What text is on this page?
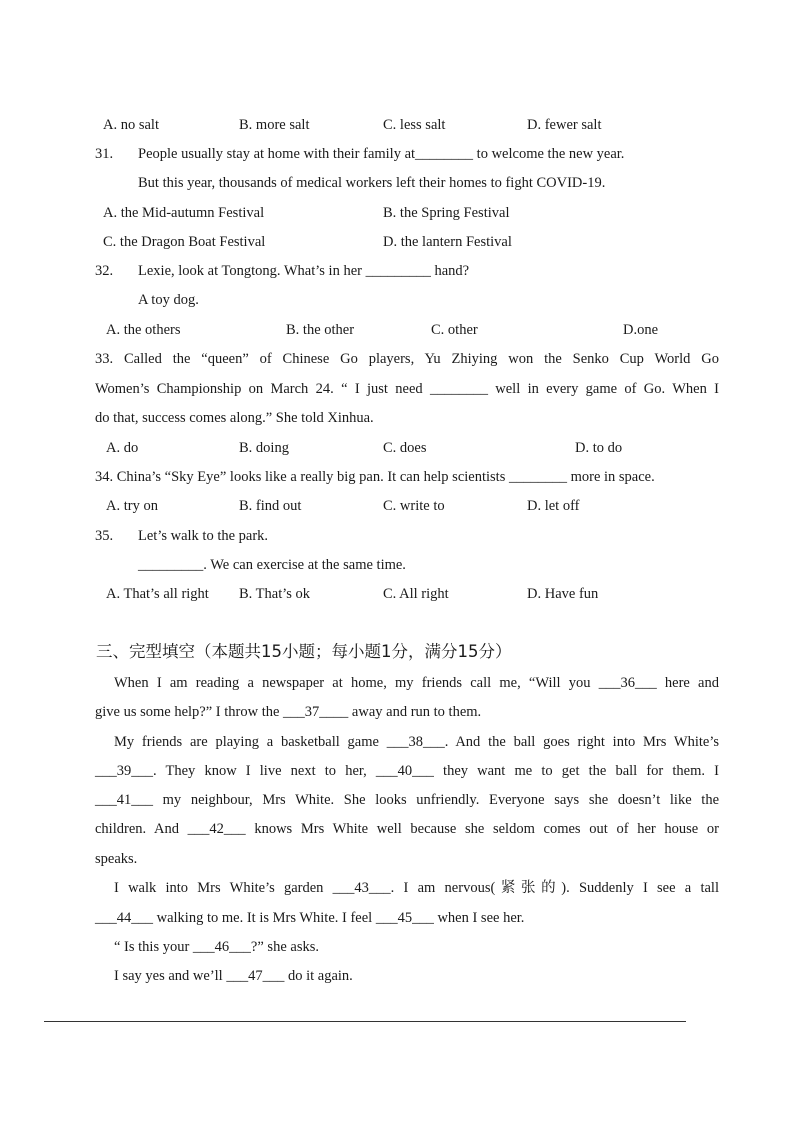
A. no salt	B. more salt	C. less salt	D. fewer salt
31. People usually stay at home with their family at________ to welcome the new year.
But this year, thousands of medical workers left their homes to fight COVID-19.
A. the Mid-autumn Festival	B. the Spring Festival
C. the Dragon Boat Festival	D. the lantern Festival
32. Lexie, look at Tongtong. What’s in her _________ hand?
A toy dog.
A. the others	B. the other	C. other	D.one
33. Called the “queen” of Chinese Go players, Yu Zhiying won the Senko Cup World Go
Women’s Championship on March 24. “ I just need ________ well in every game of Go. When I
do that, success comes along.” She told Xinhua.
A. do	B. doing	C. does	D. to do
34. China’s “Sky Eye” looks like a really big pan. It can help scientists ________ more in space.
A. try on	B. find out	C. write to	D. let off
35. Let’s walk to the park.
_________. We can exercise at the same time.
A. That’s all right B. That’s ok	C. All right	D. Have fun
三、完型填空（本题共15小题；每小题1分，满分15分）
When I am reading a newspaper at home, my friends call me, “Will you ___36___ here and
give us some help?” I throw the ___37____ away and run to them.
My friends are playing a basketball game ___38___. And the ball goes right into Mrs White’s
___39___. They know I live next to her, ___40___ they want me to get the ball for them. I
___41___ my neighbour, Mrs White. She looks unfriendly. Everyone says she doesn’t like the
children. And ___42___ knows Mrs White well because she seldom comes out of her house or
speaks.
I walk into Mrs White’s garden ___43___. I am nervous(紧张的). Suddenly I see a tall
___44___ walking to me. It is Mrs White. I feel ___45___ when I see her.
“ Is this your ___46___?” she asks.
I say yes and we’ll ___47___ do it again.
